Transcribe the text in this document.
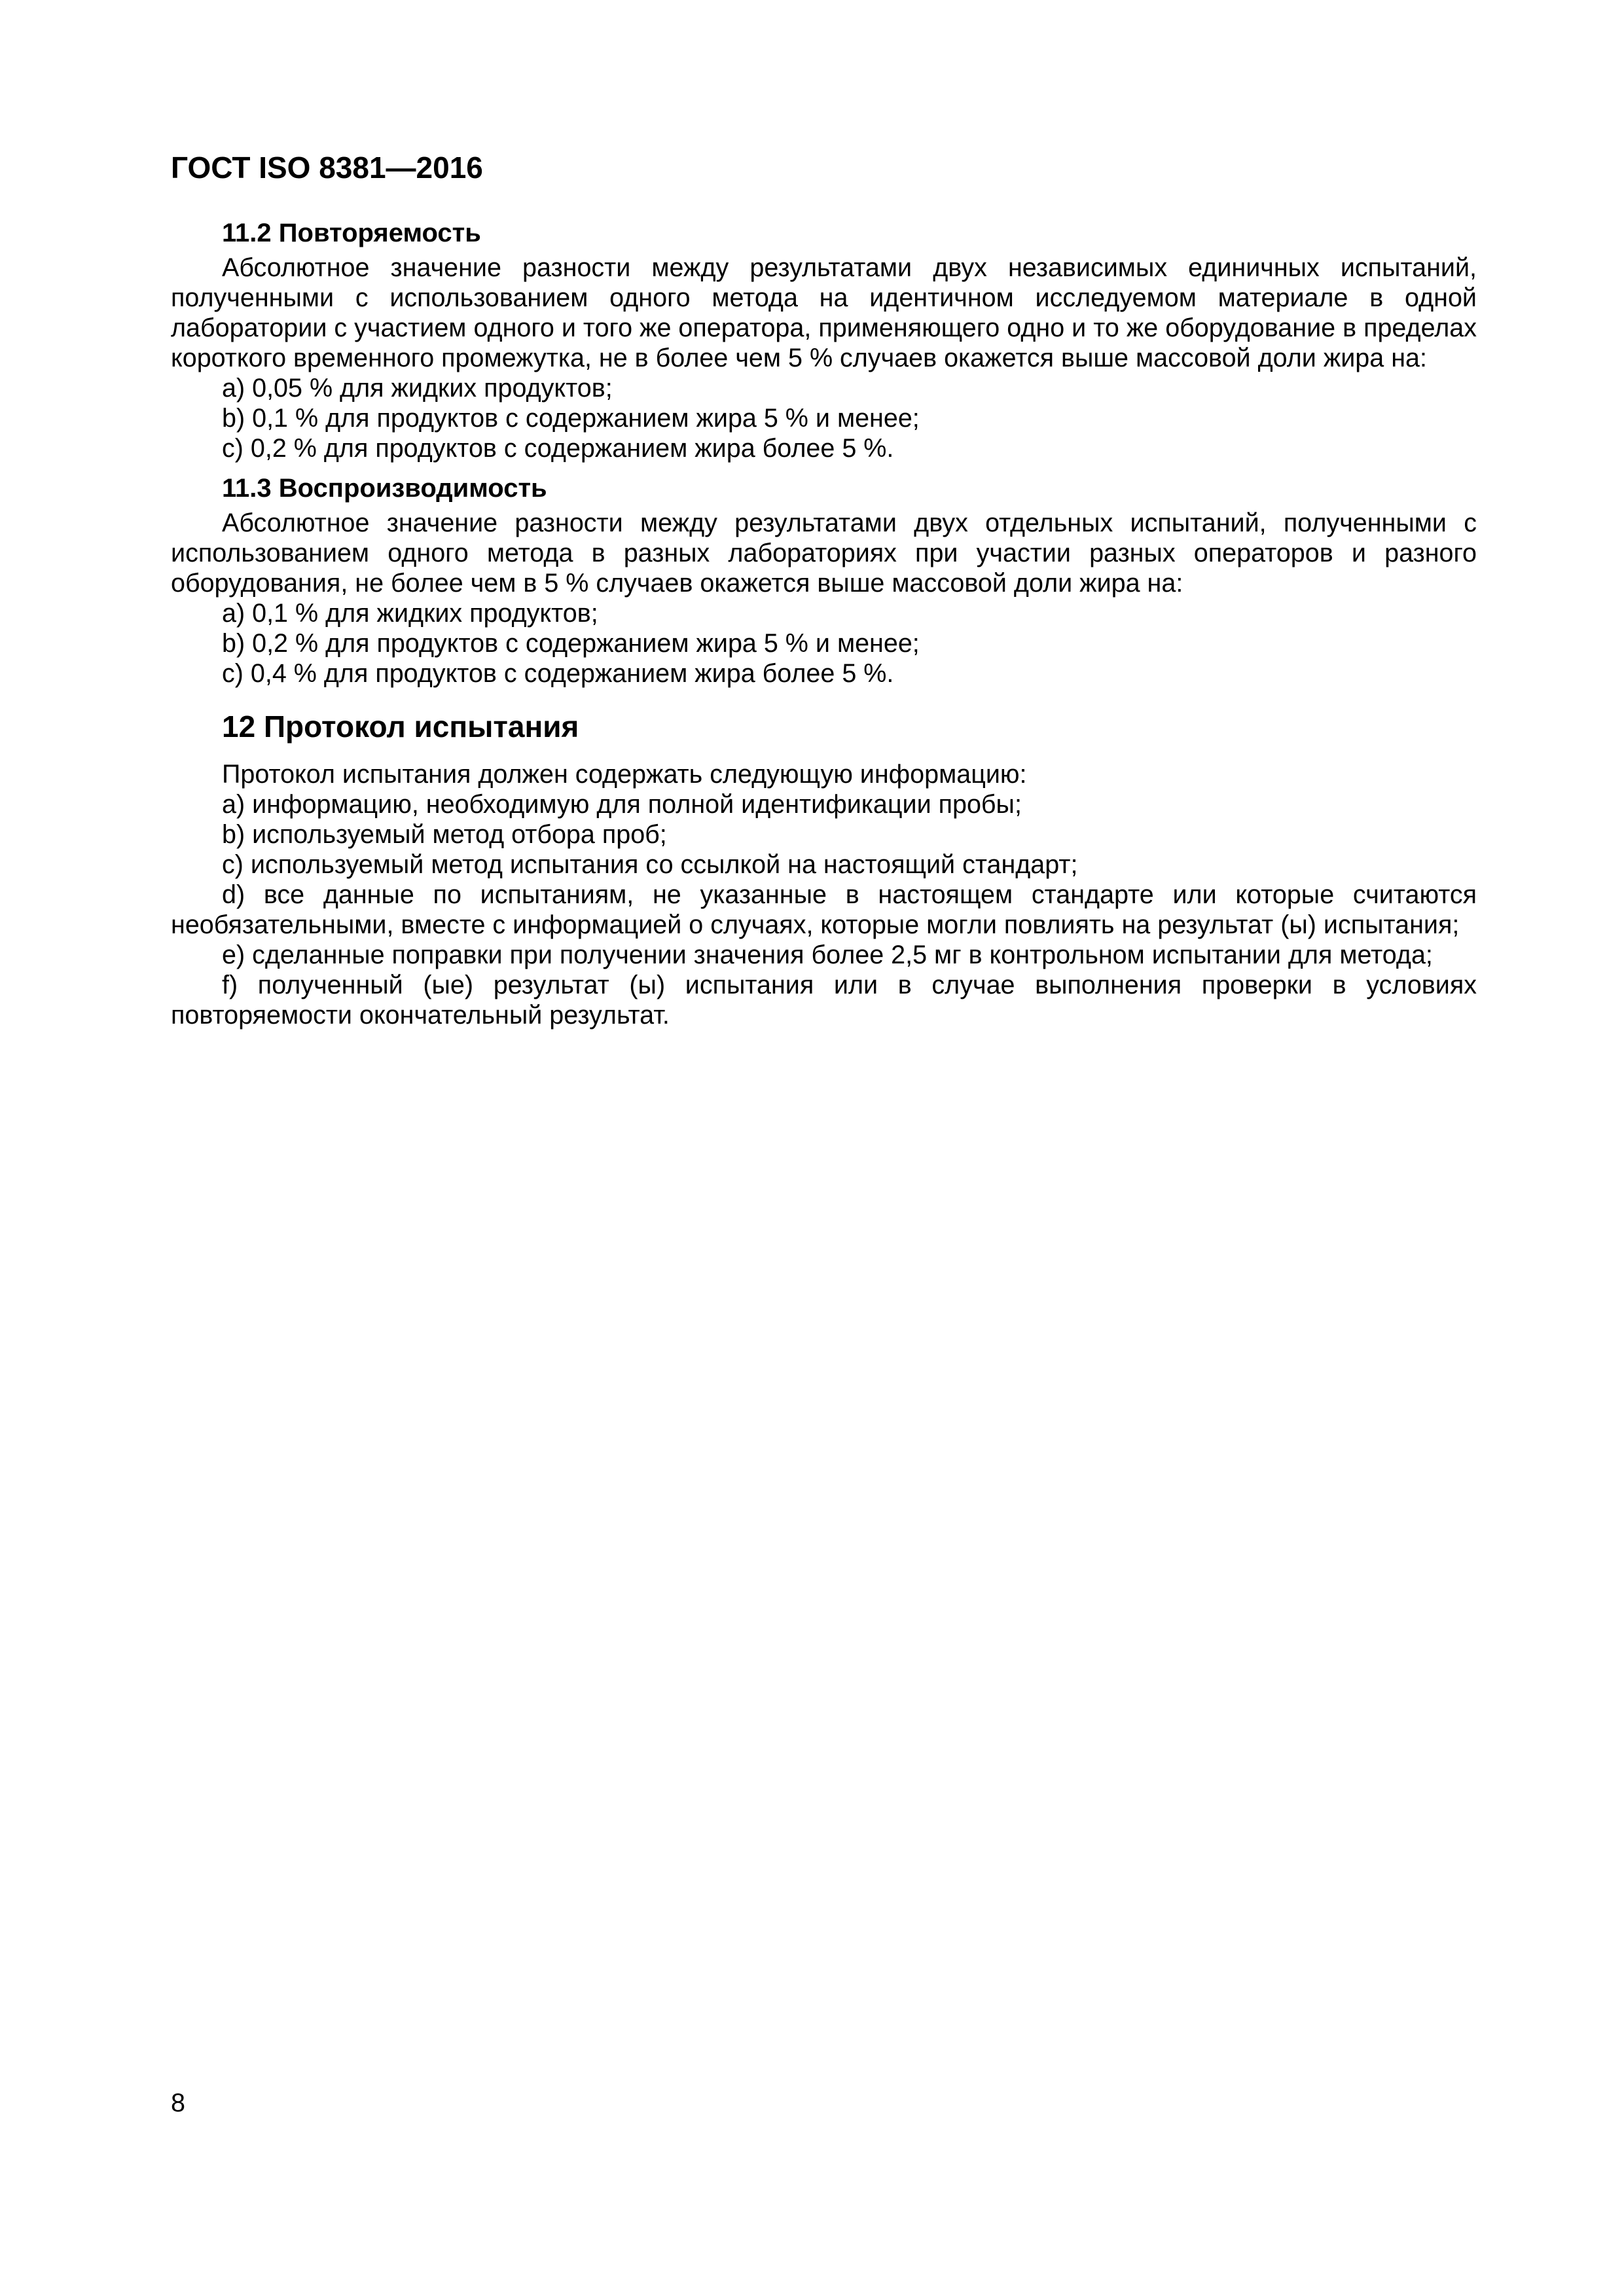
ГОСТ ISO 8381—2016
11.2 Повторяемость

Абсолютное значение разности между результатами двух независимых единичных испытаний, полученными с использованием одного метода на идентичном исследуемом материале в одной лаборатории с участием одного и того же оператора, применяющего одно и то же оборудование в пределах короткого временного промежутка, не в более чем 5 % случаев окажется выше массовой доли жира на:

a) 0,05 % для жидких продуктов;

b) 0,1 % для продуктов с содержанием жира 5 % и менее;

c) 0,2 % для продуктов с содержанием жира более 5 %.

11.3 Воспроизводимость

Абсолютное значение разности между результатами двух отдельных испытаний, полученными с использованием одного метода в разных лабораториях при участии разных операторов и разного оборудования, не более чем в 5 % случаев окажется выше массовой доли жира на:

a) 0,1 % для жидких продуктов;

b) 0,2 % для продуктов с содержанием жира 5 % и менее;

c) 0,4 % для продуктов с содержанием жира более 5 %.

12 Протокол испытания

Протокол испытания должен содержать следующую информацию:

a) информацию, необходимую для полной идентификации пробы;

b) используемый метод отбора проб;

c) используемый метод испытания со ссылкой на настоящий стандарт;

d) все данные по испытаниям, не указанные в настоящем стандарте или которые считаются необязательными, вместе с информацией о случаях, которые могли повлиять на результат (ы) испытания;

e) сделанные поправки при получении значения более 2,5 мг в контрольном испытании для метода;

f) полученный (ые) результат (ы) испытания или в случае выполнения проверки в условиях повторяемости окончательный результат.

8
